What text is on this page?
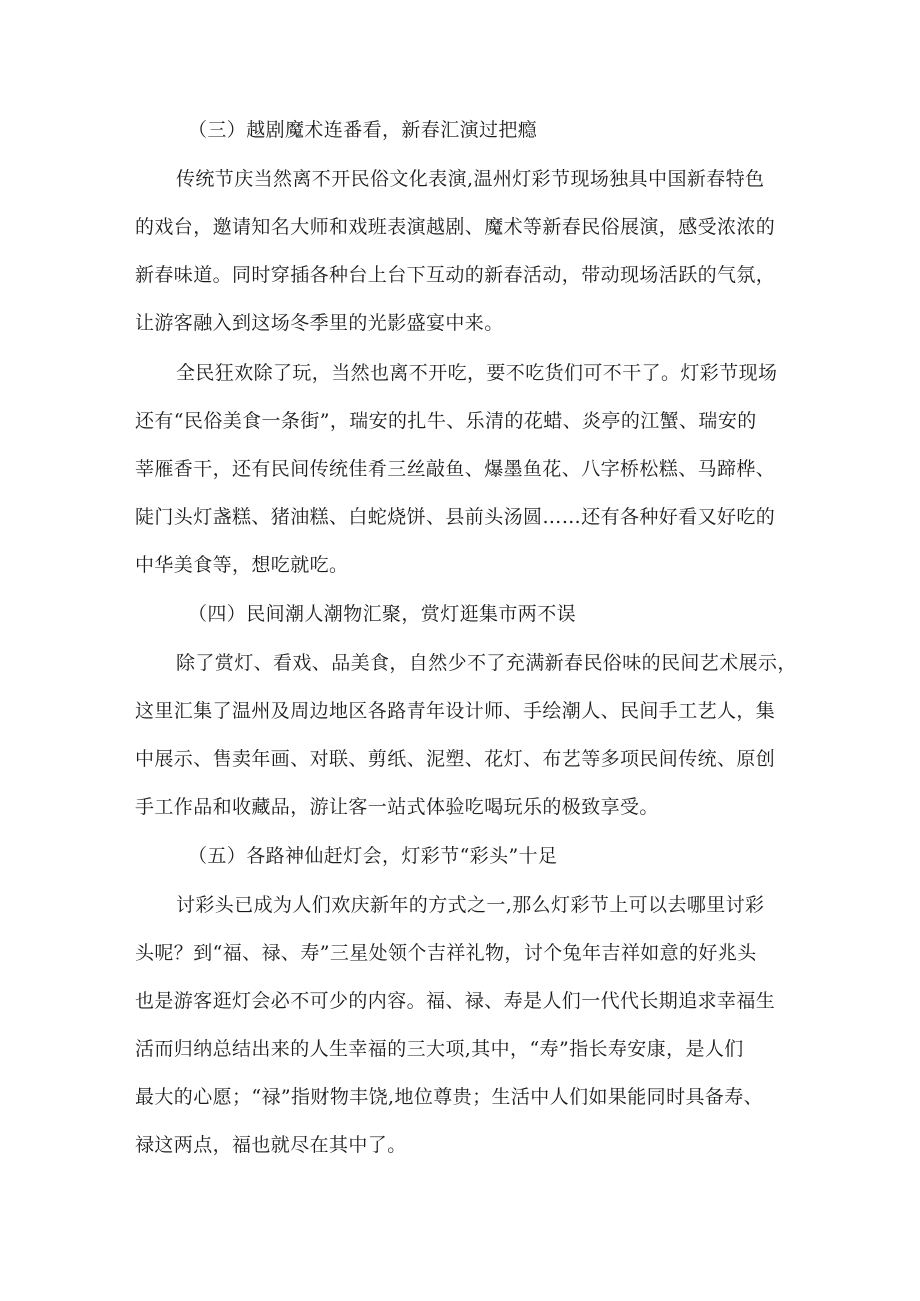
（三）越剧魔术连番看，新春汇演过把瘾
传统节庆当然离不开民俗文化表演,温州灯彩节现场独具中国新春特色
的戏台，邀请知名大师和戏班表演越剧、魔术等新春民俗展演，感受浓浓的
新春味道。同时穿插各种台上台下互动的新春活动，带动现场活跃的气氛，
让游客融入到这场冬季里的光影盛宴中来。
全民狂欢除了玩，当然也离不开吃，要不吃货们可不干了。灯彩节现场
还有“民俗美食一条街”，瑞安的扎牛、乐清的花蜡、炎亭的江蟹、瑞安的
莘雁香干，还有民间传统佳肴三丝敲鱼、爆墨鱼花、八字桥松糕、马蹄桦、
陡门头灯盏糕、猪油糕、白蛇烧饼、县前头汤圆……还有各种好看又好吃的
中华美食等，想吃就吃。
（四）民间潮人潮物汇聚，赏灯逛集市两不误
除了赏灯、看戏、品美食，自然少不了充满新春民俗味的民间艺术展示，
这里汇集了温州及周边地区各路青年设计师、手绘潮人、民间手工艺人，集
中展示、售卖年画、对联、剪纸、泥塑、花灯、布艺等多项民间传统、原创
手工作品和收藏品，游让客一站式体验吃喝玩乐的极致享受。
（五）各路神仙赶灯会，灯彩节“彩头”十足
讨彩头已成为人们欢庆新年的方式之一,那么灯彩节上可以去哪里讨彩
头呢？到“福、禄、寿”三星处领个吉祥礼物，讨个兔年吉祥如意的好兆头
也是游客逛灯会必不可少的内容。福、禄、寿是人们一代代长期追求幸福生
活而归纳总结出来的人生幸福的三大项,其中，“寿”指长寿安康，是人们
最大的心愿；“禄”指财物丰饶,地位尊贵；生活中人们如果能同时具备寿、
禄这两点，福也就尽在其中了。
